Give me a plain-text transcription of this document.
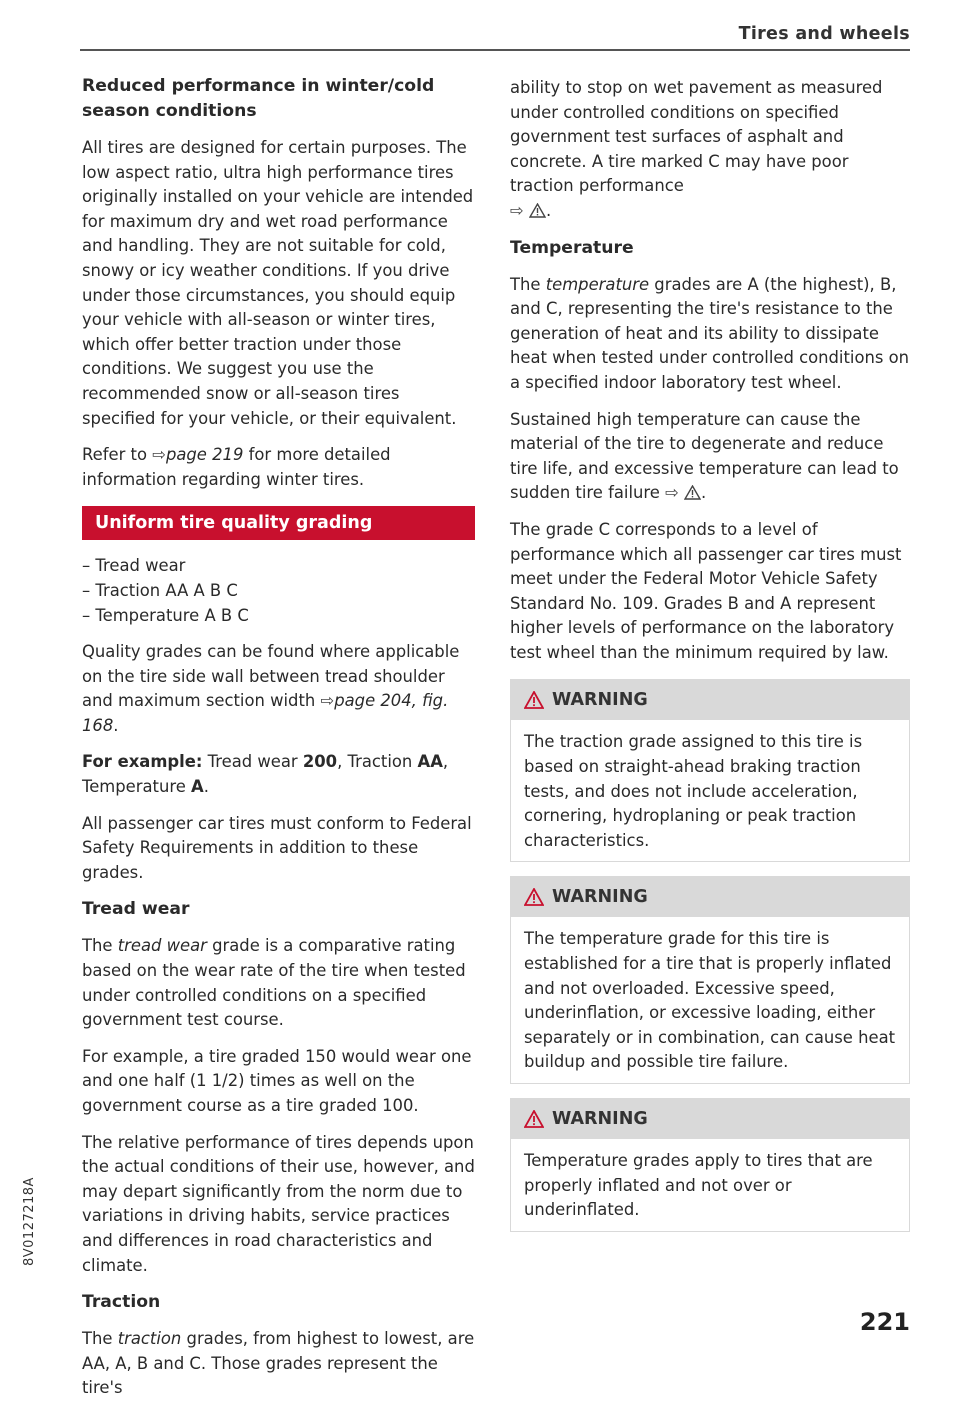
Tires and wheels
Reduced performance in winter/cold season conditions

All tires are designed for certain purposes. The low aspect ratio, ultra high performance tires originally installed on your vehicle are intended for maximum dry and wet road performance and handling. They are not suitable for cold, snowy or icy weather conditions. If you drive under those circumstances, you should equip your vehicle with all-season or winter tires, which offer better traction under those conditions. We suggest you use the recommended snow or all-season tires specified for your vehicle, or their equivalent.

Refer to ⇨page 219 for more detailed information regarding winter tires.

Uniform tire quality grading
– Tread wear
– Traction AA A B C
– Temperature A B C

Quality grades can be found where applicable on the tire side wall between tread shoulder and maximum section width ⇨page 204, fig. 168.

For example: Tread wear 200, Traction AA, Temperature A.

All passenger car tires must conform to Federal Safety Requirements in addition to these grades.

Tread wear

The tread wear grade is a comparative rating based on the wear rate of the tire when tested under controlled conditions on a specified government test course.

For example, a tire graded 150 would wear one and one half (1 1/2) times as well on the government course as a tire graded 100.

The relative performance of tires depends upon the actual conditions of their use, however, and may depart significantly from the norm due to variations in driving habits, service practices and differences in road characteristics and climate.

Traction

The traction grades, from highest to lowest, are AA, A, B and C. Those grades represent the tire's

ability to stop on wet pavement as measured under controlled conditions on specified government test surfaces of asphalt and concrete. A tire marked C may have poor traction performance
⇨ .

Temperature

The temperature grades are A (the highest), B, and C, representing the tire's resistance to the generation of heat and its ability to dissipate heat when tested under controlled conditions on a specified indoor laboratory test wheel.

Sustained high temperature can cause the material of the tire to degenerate and reduce tire life, and excessive temperature can lead to sudden tire failure ⇨ .

The grade C corresponds to a level of performance which all passenger car tires must meet under the Federal Motor Vehicle Safety Standard No. 109. Grades B and A represent higher levels of performance on the laboratory test wheel than the minimum required by law.

WARNING

The traction grade assigned to this tire is based on straight-ahead braking traction tests, and does not include acceleration, cornering, hydroplaning or peak traction characteristics.

WARNING

The temperature grade for this tire is established for a tire that is properly inflated and not overloaded. Excessive speed, underinflation, or excessive loading, either separately or in combination, can cause heat buildup and possible tire failure.

WARNING

Temperature grades apply to tires that are properly inflated and not over or underinflated.

8V0127218A
221
